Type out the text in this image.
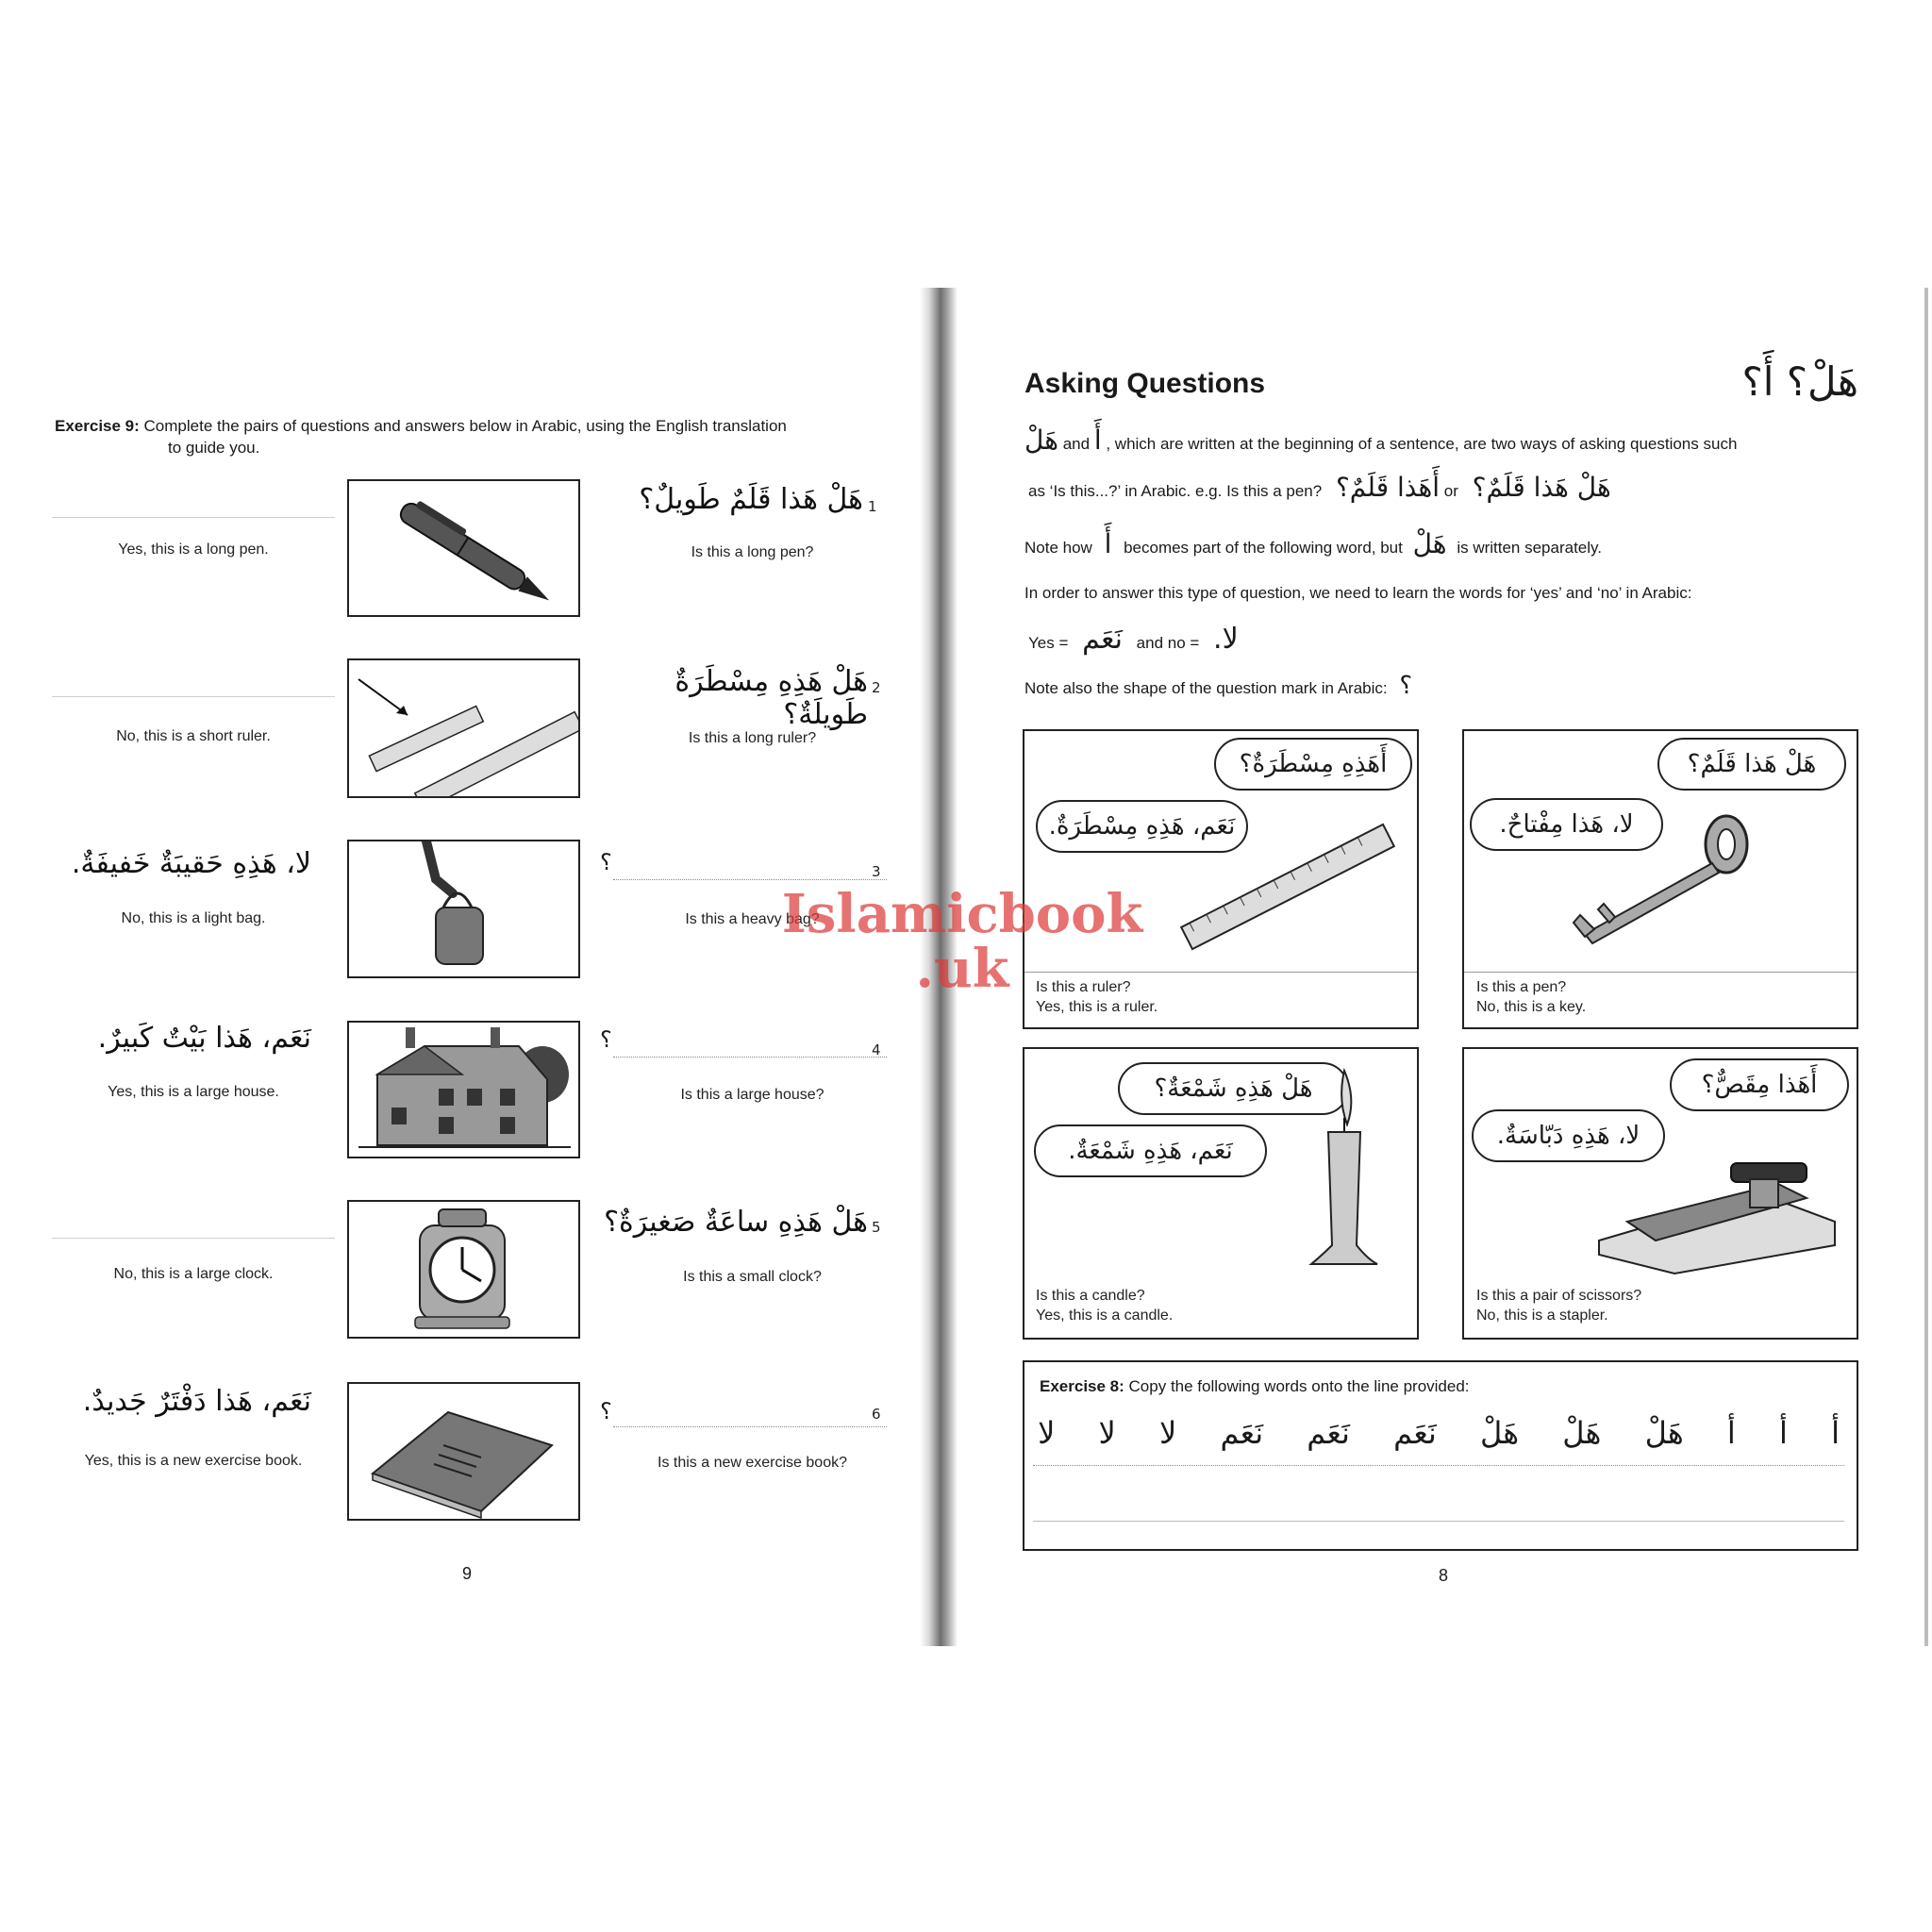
Exercise 9: Complete the pairs of questions and answers below in Arabic, using the English translation
to guide you.
Yes, this is a long pen.
1
هَلْ هَذا قَلَمٌ طَويلٌ؟
Is this a long pen?
No, this is a short ruler.
2
هَلْ هَذِهِ مِسْطَرَةٌ طَويلَةٌ؟
Is this a long ruler?
لا، هَذِهِ حَقيبَةٌ خَفيفَةٌ.
No, this is a light bag.
؟	3
Is this a heavy bag?
نَعَم، هَذا بَيْتٌ كَبيرٌ.
Yes, this is a large house.
؟	4
Is this a large house?
No, this is a large clock.
5
هَلْ هَذِهِ ساعَةٌ صَغيرَةٌ؟
Is this a small clock?
نَعَم، هَذا دَفْتَرٌ جَديدٌ.
Yes, this is a new exercise book.
؟	6
Is this a new exercise book?
9
Asking Questions	هَلْ؟ أَ؟
هَلْ and أَ , which are written at the beginning of a sentence, are two ways of asking questions such
as ‘Is this...?’ in Arabic. e.g. Is this a pen? أَهَذا قَلَمٌ؟ or هَلْ هَذا قَلَمٌ؟
Note how أَ becomes part of the following word, but هَلْ is written separately.
In order to answer this type of question, we need to learn the words for ‘yes’ and ‘no’ in Arabic:
Yes = نَعَم and no = لا.
Note also the shape of the question mark in Arabic: ؟
أَهَذِهِ مِسْطَرَةٌ؟
نَعَم، هَذِهِ مِسْطَرَةٌ.
Is this a ruler?
Yes, this is a ruler.
هَلْ هَذا قَلَمٌ؟
لا، هَذا مِفْتاحٌ.
Is this a pen?
No, this is a key.
هَلْ هَذِهِ شَمْعَةٌ؟
نَعَم، هَذِهِ شَمْعَةٌ.
Is this a candle?
Yes, this is a candle.
أَهَذا مِقَصٌّ؟
لا، هَذِهِ دَبّاسَةٌ.
Is this a pair of scissors?
No, this is a stapler.
Exercise 8: Copy the following words onto the line provided:
أ
أ
أ
هَلْ
هَلْ
هَلْ
نَعَم
نَعَم
نَعَم
لا
لا
لا
8
Islamicbook
.uk
